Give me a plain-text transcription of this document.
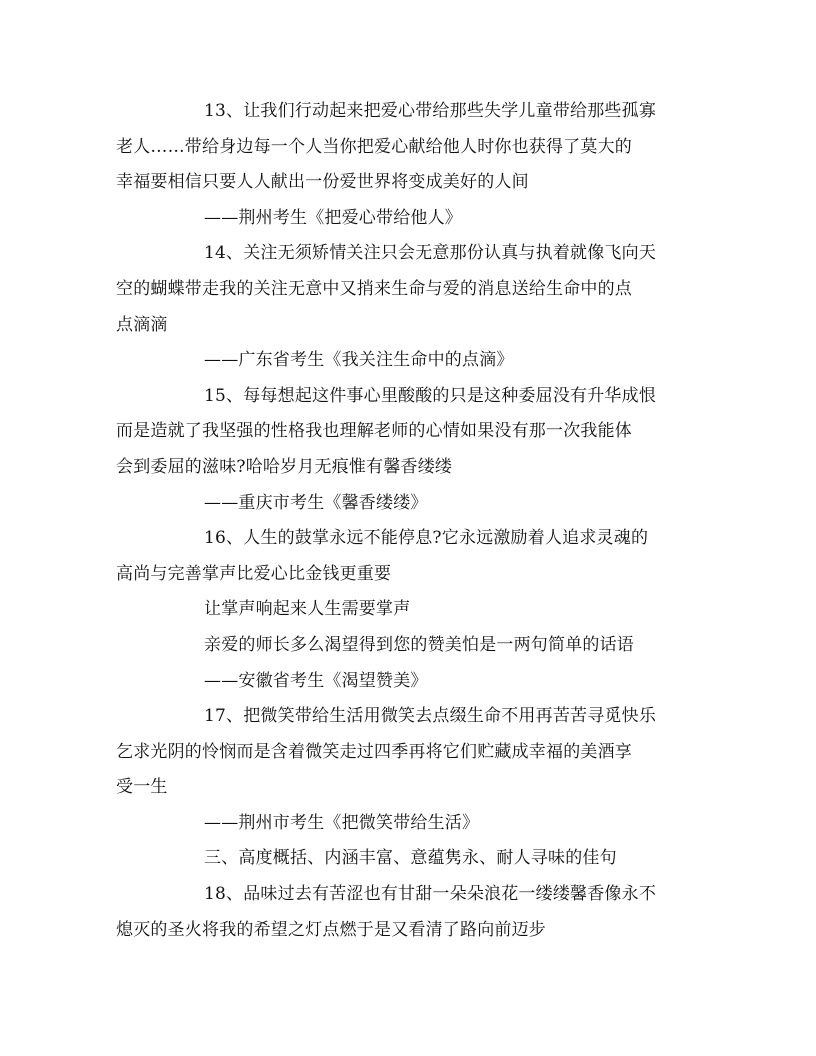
13、让我们行动起来把爱心带给那些失学儿童带给那些孤寡
老人……带给身边每一个人当你把爱心献给他人时你也获得了莫大的
幸福要相信只要人人献出一份爱世界将变成美好的人间
——荆州考生《把爱心带给他人》
14、关注无须矫情关注只会无意那份认真与执着就像飞向天
空的蝴蝶带走我的关注无意中又捎来生命与爱的消息送给生命中的点
点滴滴
——广东省考生《我关注生命中的点滴》
15、每每想起这件事心里酸酸的只是这种委屈没有升华成恨
而是造就了我坚强的性格我也理解老师的心情如果没有那一次我能体
会到委屈的滋味?哈哈岁月无痕惟有馨香缕缕
——重庆市考生《馨香缕缕》
16、人生的鼓掌永远不能停息?它永远激励着人追求灵魂的
高尚与完善掌声比爱心比金钱更重要
让掌声响起来人生需要掌声
亲爱的师长多么渴望得到您的赞美怕是一两句简单的话语
——安徽省考生《渴望赞美》
17、把微笑带给生活用微笑去点缀生命不用再苦苦寻觅快乐
乞求光阴的怜悯而是含着微笑走过四季再将它们贮藏成幸福的美酒享
受一生
——荆州市考生《把微笑带给生活》
三、高度概括、内涵丰富、意蕴隽永、耐人寻味的佳句
18、品味过去有苦涩也有甘甜一朵朵浪花一缕缕馨香像永不
熄灭的圣火将我的希望之灯点燃于是又看清了路向前迈步
